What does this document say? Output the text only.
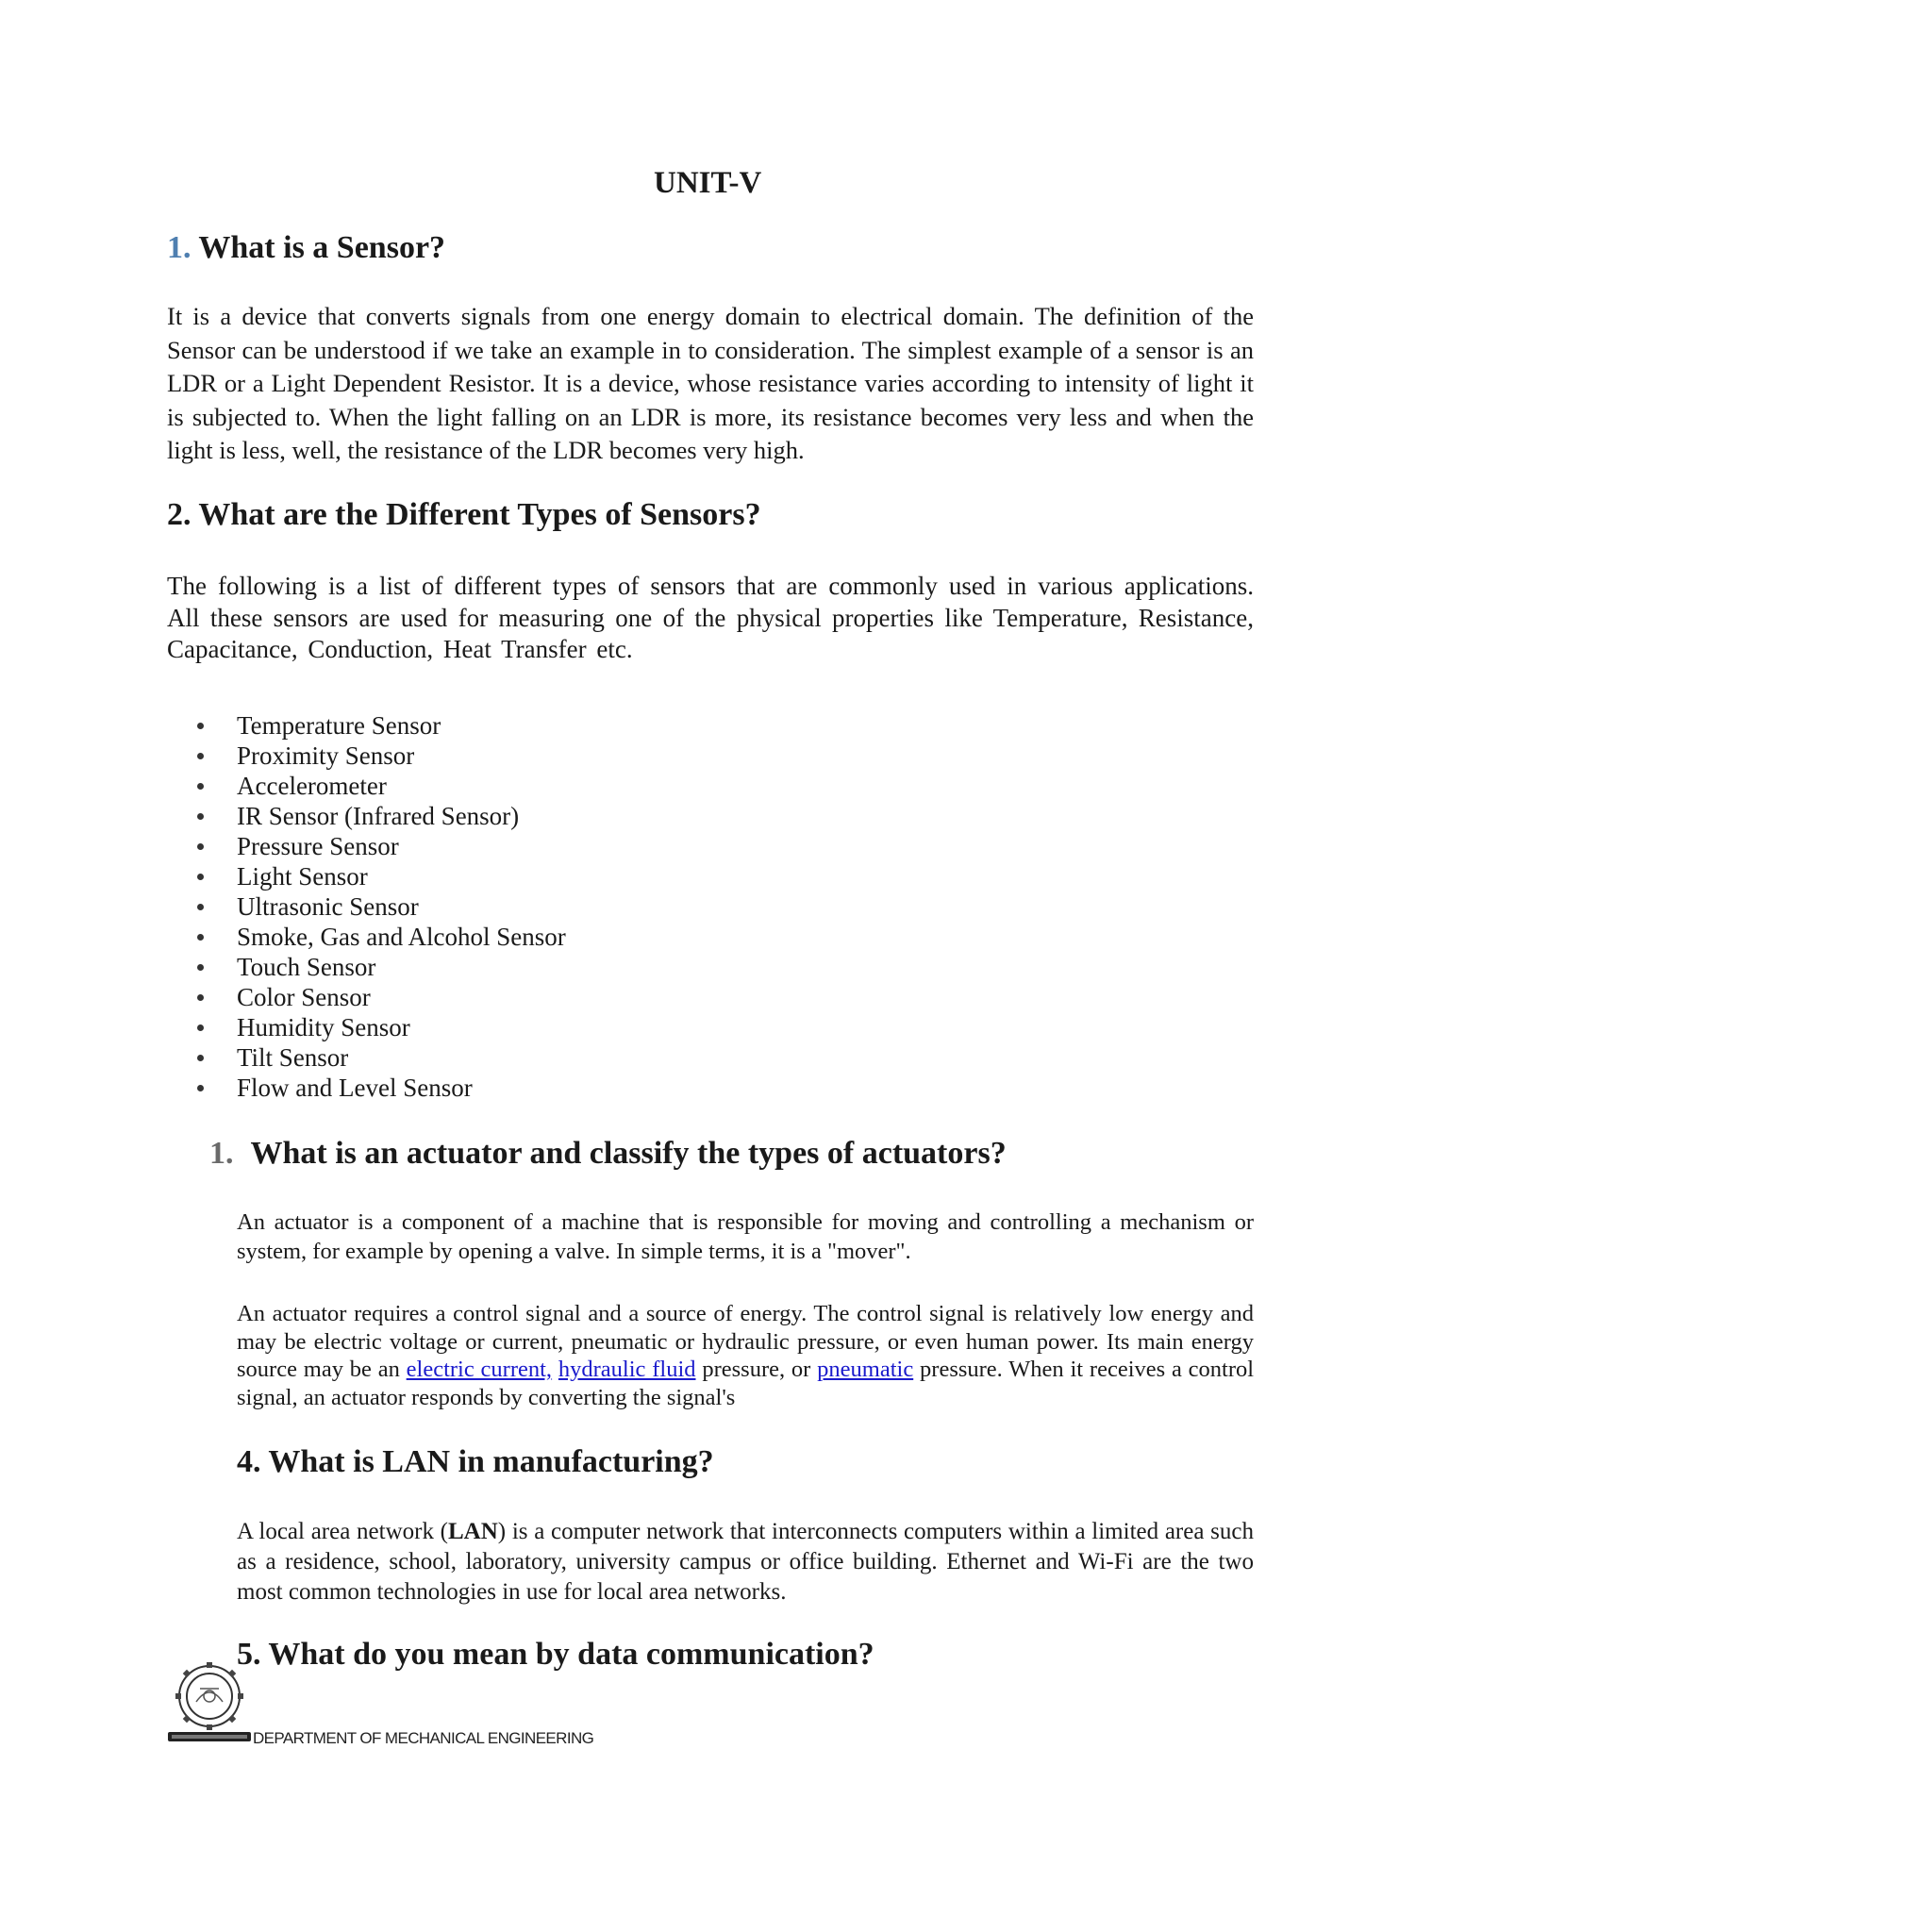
UNIT-V
1. What is a Sensor?

It is a device that converts signals from one energy domain to electrical domain. The definition of the Sensor can be understood if we take an example in to consideration. The simplest example of a sensor is an LDR or a Light Dependent Resistor. It is a device, whose resistance varies according to intensity of light it is subjected to. When the light falling on an LDR is more, its resistance becomes very less and when the light is less, well, the resistance of the LDR becomes very high.

2. What are the Different Types of Sensors?

The following is a list of different types of sensors that are commonly used in various applications. All these sensors are used for measuring one of the physical properties like Temperature, Resistance, Capacitance, Conduction, Heat Transfer etc.

Temperature Sensor
Proximity Sensor
Accelerometer
IR Sensor (Infrared Sensor)
Pressure Sensor
Light Sensor
Ultrasonic Sensor
Smoke, Gas and Alcohol Sensor
Touch Sensor
Color Sensor
Humidity Sensor
Tilt Sensor
Flow and Level Sensor
1. What is an actuator and classify the types of actuators?

An actuator is a component of a machine that is responsible for moving and controlling a mechanism or system, for example by opening a valve. In simple terms, it is a "mover".

An actuator requires a control signal and a source of energy. The control signal is relatively low energy and may be electric voltage or current, pneumatic or hydraulic pressure, or even human power. Its main energy source may be an electric current, hydraulic fluid pressure, or pneumatic pressure. When it receives a control signal, an actuator responds by converting the signal's

4. What is LAN in manufacturing?

A local area network (LAN) is a computer network that interconnects computers within a limited area such as a residence, school, laboratory, university campus or office building. Ethernet and Wi-Fi are the two most common technologies in use for local area networks.

5. What do you mean by data communication?
DEPARTMENT OF MECHANICAL ENGINEERING
